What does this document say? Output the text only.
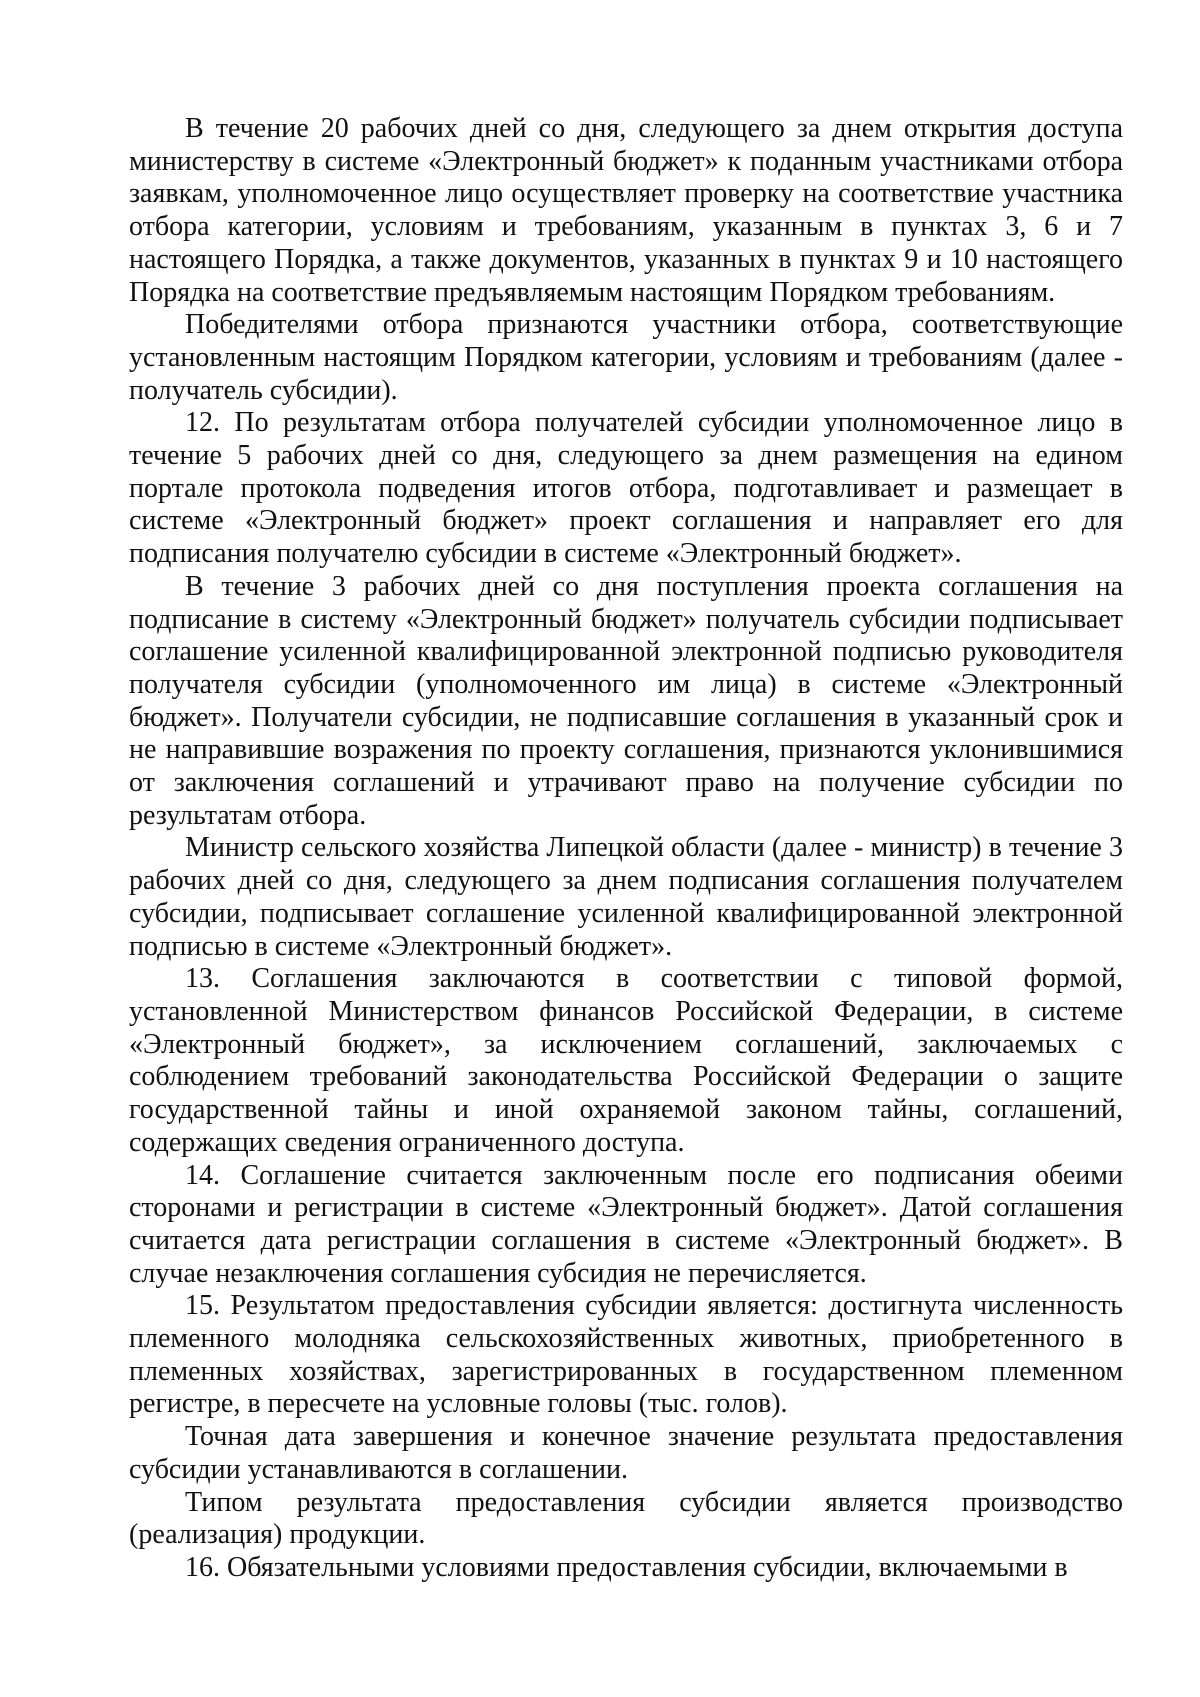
В течение 20 рабочих дней со дня, следующего за днем открытия доступа министерству в системе «Электронный бюджет» к поданным участниками отбора заявкам, уполномоченное лицо осуществляет проверку на соответствие участника отбора категории, условиям и требованиям, указанным в пунктах 3, 6 и 7 настоящего Порядка, а также документов, указанных в пунктах 9 и 10 настоящего Порядка на соответствие предъявляемым настоящим Порядком требованиям.

Победителями отбора признаются участники отбора, соответствующие установленным настоящим Порядком категории, условиям и требованиям (далее - получатель субсидии).

12. По результатам отбора получателей субсидии уполномоченное лицо в течение 5 рабочих дней со дня, следующего за днем размещения на едином портале протокола подведения итогов отбора, подготавливает и размещает в системе «Электронный бюджет» проект соглашения и направляет его для подписания получателю субсидии в системе «Электронный бюджет».

В течение 3 рабочих дней со дня поступления проекта соглашения на подписание в систему «Электронный бюджет» получатель субсидии подписывает соглашение усиленной квалифицированной электронной подписью руководителя получателя субсидии (уполномоченного им лица) в системе «Электронный бюджет». Получатели субсидии, не подписавшие соглашения в указанный срок и не направившие возражения по проекту соглашения, признаются уклонившимися от заключения соглашений и утрачивают право на получение субсидии по результатам отбора.

Министр сельского хозяйства Липецкой области (далее - министр) в течение 3 рабочих дней со дня, следующего за днем подписания соглашения получателем субсидии, подписывает соглашение усиленной квалифицированной электронной подписью в системе «Электронный бюджет».

13. Соглашения заключаются в соответствии с типовой формой, установленной Министерством финансов Российской Федерации, в системе «Электронный бюджет», за исключением соглашений, заключаемых с соблюдением требований законодательства Российской Федерации о защите государственной тайны и иной охраняемой законом тайны, соглашений, содержащих сведения ограниченного доступа.

14. Соглашение считается заключенным после его подписания обеими сторонами и регистрации в системе «Электронный бюджет». Датой соглашения считается дата регистрации соглашения в системе «Электронный бюджет». В случае незаключения соглашения субсидия не перечисляется.

15. Результатом предоставления субсидии является: достигнута численность племенного молодняка сельскохозяйственных животных, приобретенного в племенных хозяйствах, зарегистрированных в государственном племенном регистре, в пересчете на условные головы (тыс. голов).

Точная дата завершения и конечное значение результата предоставления субсидии устанавливаются в соглашении.

Типом результата предоставления субсидии является производство (реализация) продукции.

16. Обязательными условиями предоставления субсидии, включаемыми в
